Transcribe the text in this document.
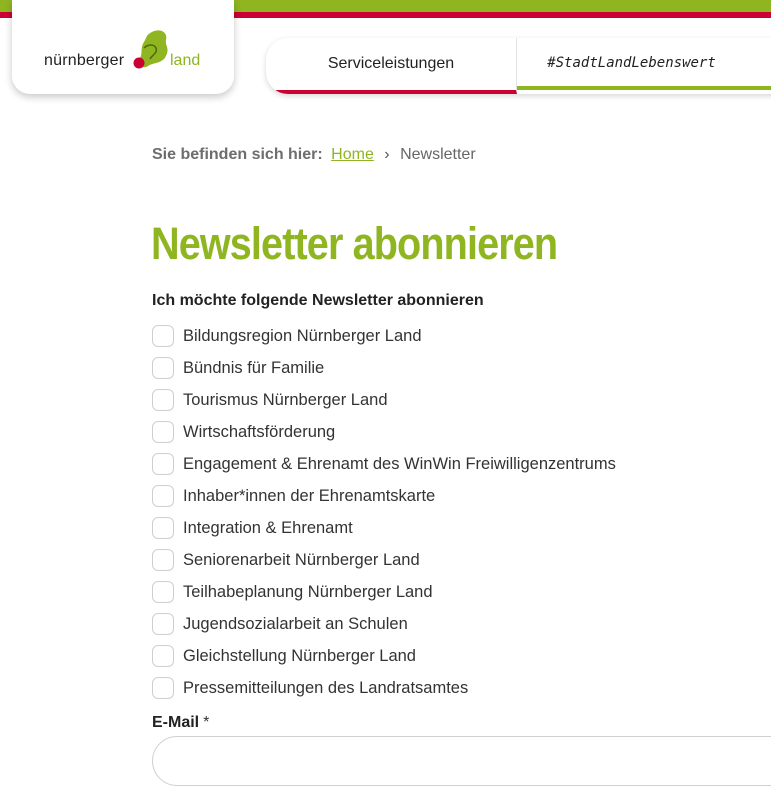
nürnberger	land	Serviceleistungen	#StadtLandLebenswert
Sie befinden sich hier: Home › Newsletter
Newsletter abonnieren
Ich möchte folgende Newsletter abonnieren
Bildungsregion Nürnberger Land
Bündnis für Familie
Tourismus Nürnberger Land
Wirtschaftsförderung
Engagement & Ehrenamt des WinWin Freiwilligenzentrums
Inhaber*innen der Ehrenamtskarte
Integration & Ehrenamt
Seniorenarbeit Nürnberger Land
Teilhabeplanung Nürnberger Land
Jugendsozialarbeit an Schulen
Gleichstellung Nürnberger Land
Pressemitteilungen des Landratsamtes
E-Mail *
